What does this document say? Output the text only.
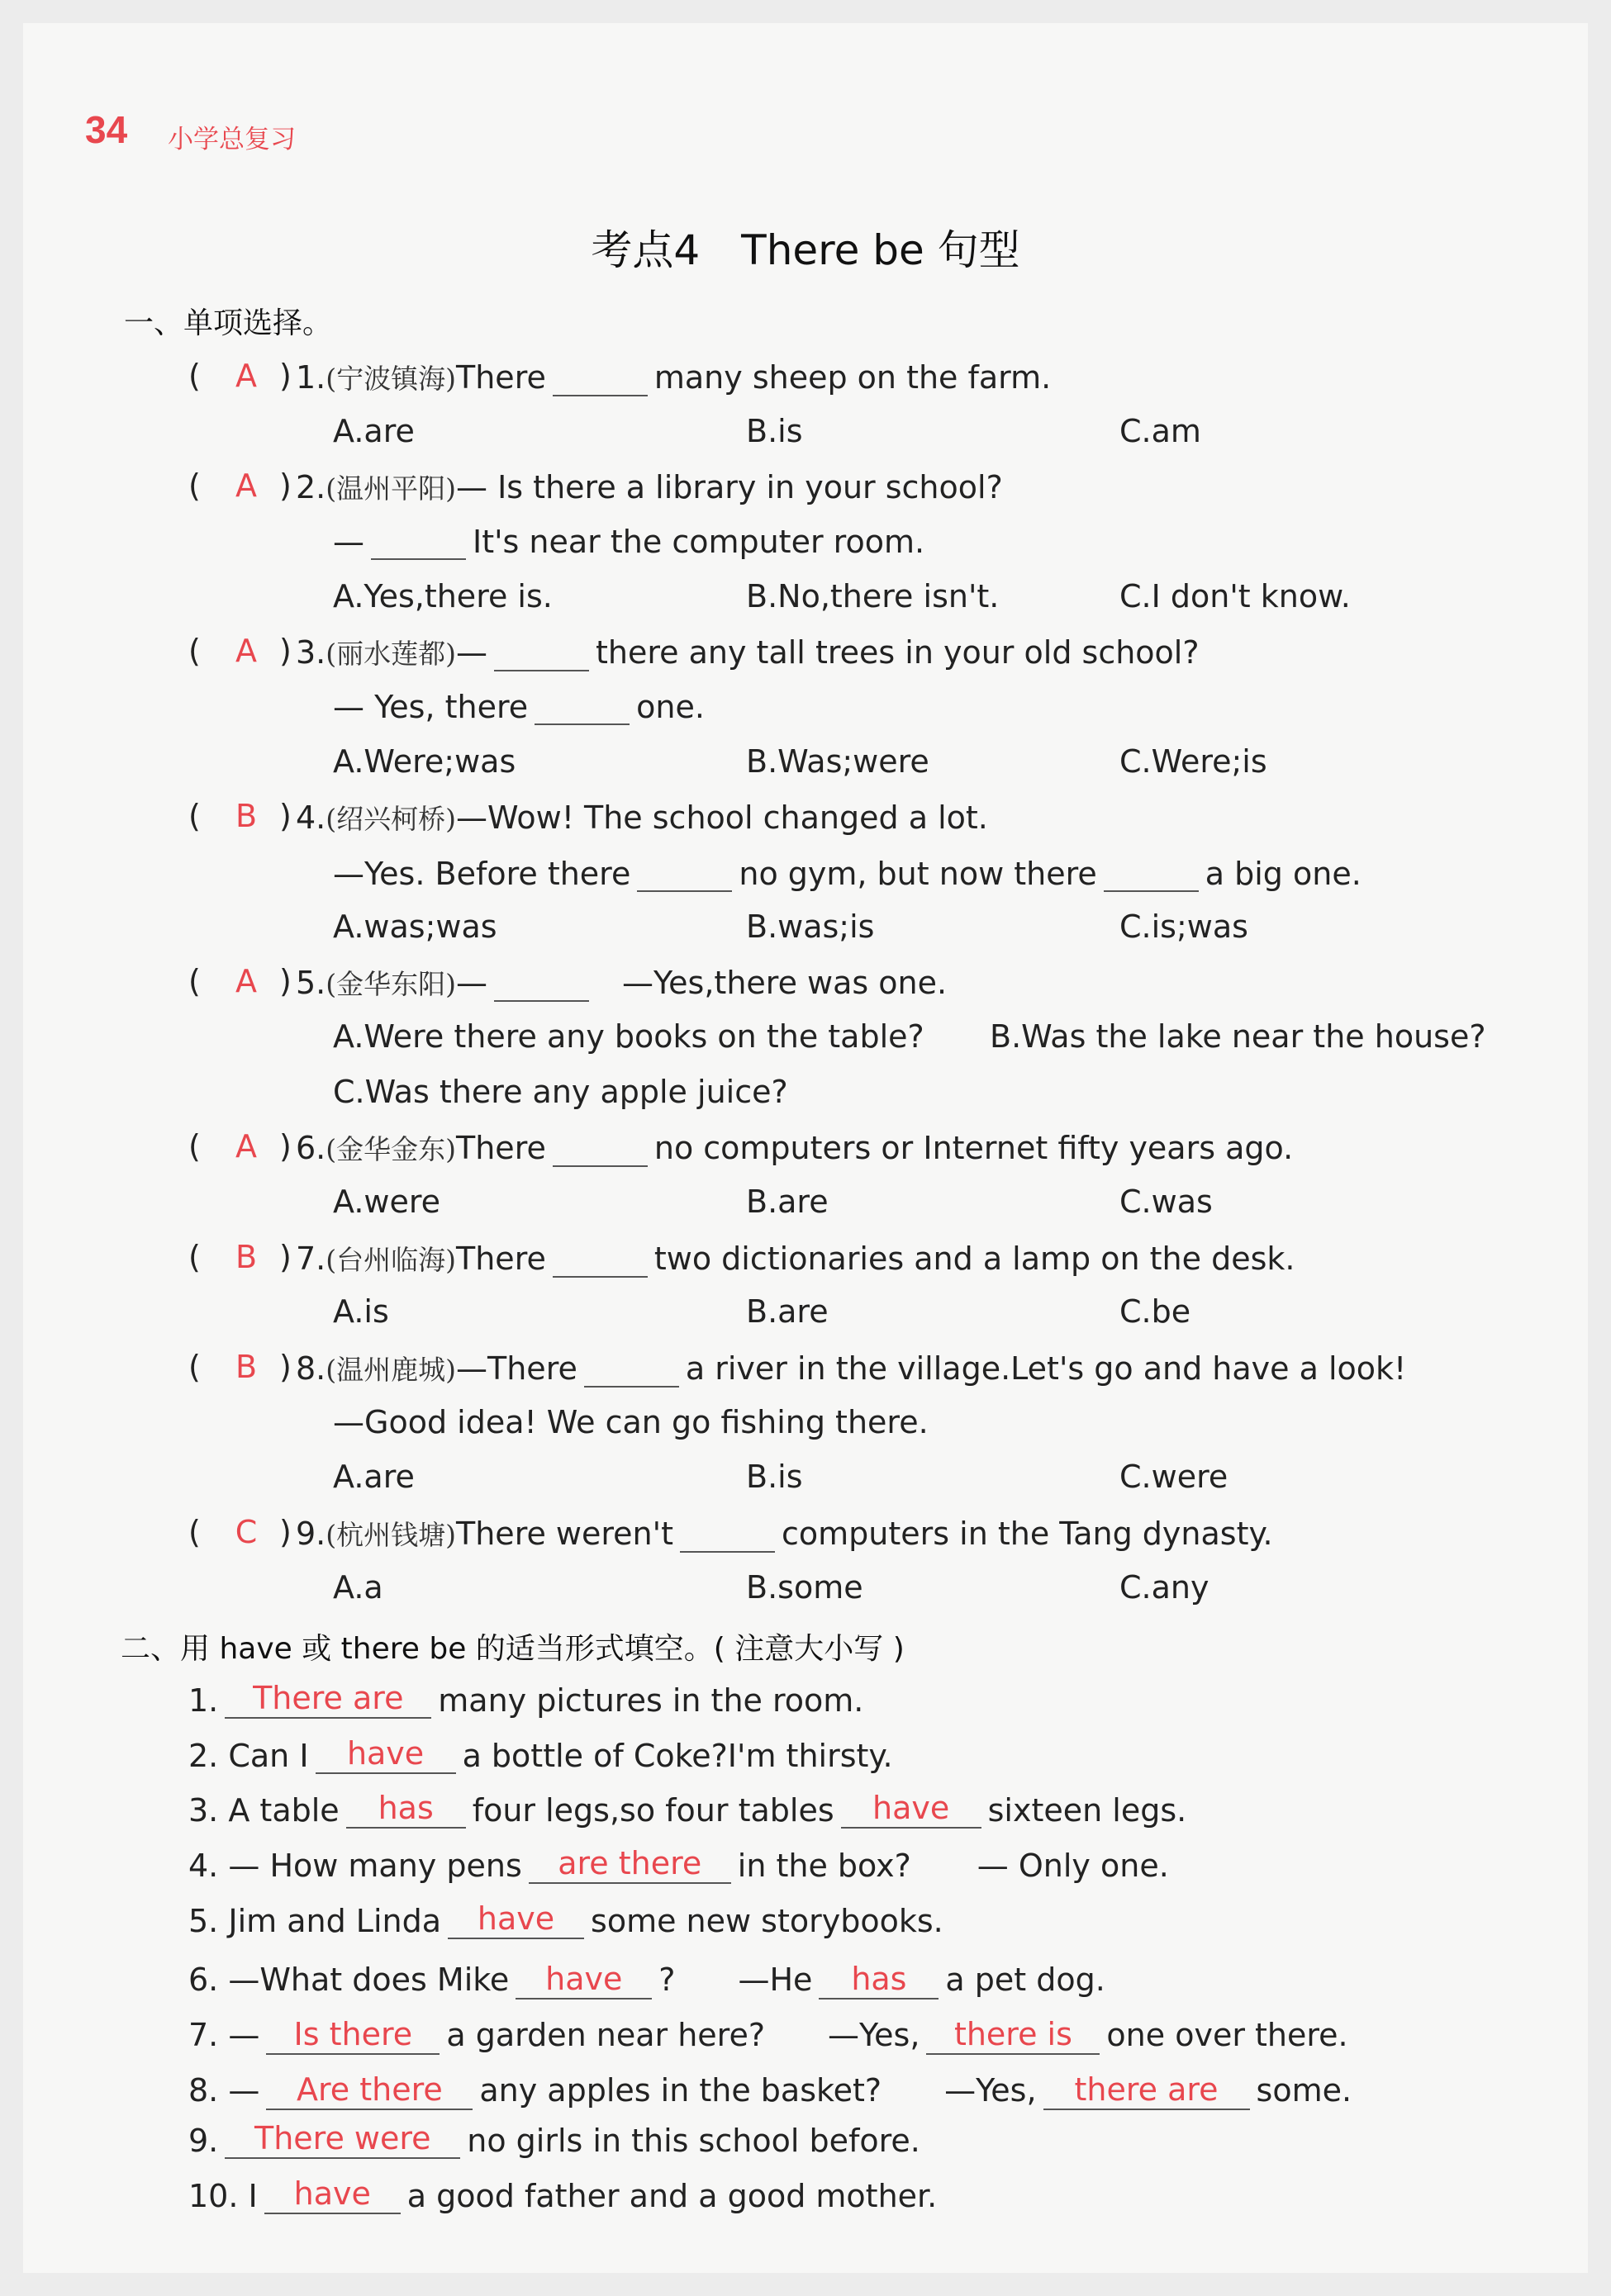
34 小学总复习
考点4　There be 句型
一、单项选择。
(	A ) 1.(宁波镇海)There	many sheep on the farm.
A.are	B.is	C.am
(	A ) 2.(温州平阳)— Is there a library in your school?
—	It's near the computer room.
A.Yes,there is.	B.No,there isn't.	C.I don't know.
(	A ) 3.(丽水莲都)—	there any tall trees in your old school?
— Yes, there	one.
A.Were;was	B.Was;were	C.Were;is
(	B ) 4.(绍兴柯桥)—Wow! The school changed a lot.
—Yes. Before there	no gym, but now there	a big one.
A.was;was	B.was;is	C.is;was
(	A ) 5.(金华东阳)—	—Yes,there was one.
A.Were there any books on the table? B.Was the lake near the house?
C.Was there any apple juice?
(	A ) 6.(金华金东)There	no computers or Internet fifty years ago.
A.were	B.are	C.was
(	B ) 7.(台州临海)There	two dictionaries and a lamp on the desk.
A.is	B.are	C.be
(	B ) 8.(温州鹿城)—There	a river in the village.Let's go and have a look!
—Good idea! We can go fishing there.
A.are	B.is	C.were
(	C ) 9.(杭州钱塘)There weren't	computers in the Tang dynasty.
A.a	B.some	C.any
二、用 have 或 there be 的适当形式填空。( 注意大小写 )
1. There are many pictures in the room.
2. Can I have a bottle of Coke?I'm thirsty.
3. A table has four legs,so four tables have sixteen legs.
4. — How many pens are there in the box? — Only one.
5. Jim and Linda have some new storybooks.
6. —What does Mike have ?　　—He has a pet dog.
7. — Is there a garden near here?　　—Yes, there is one over there.
8. — Are there any apples in the basket?　　—Yes, there are some.
9. There were no girls in this school before.
10. I have a good father and a good mother.
